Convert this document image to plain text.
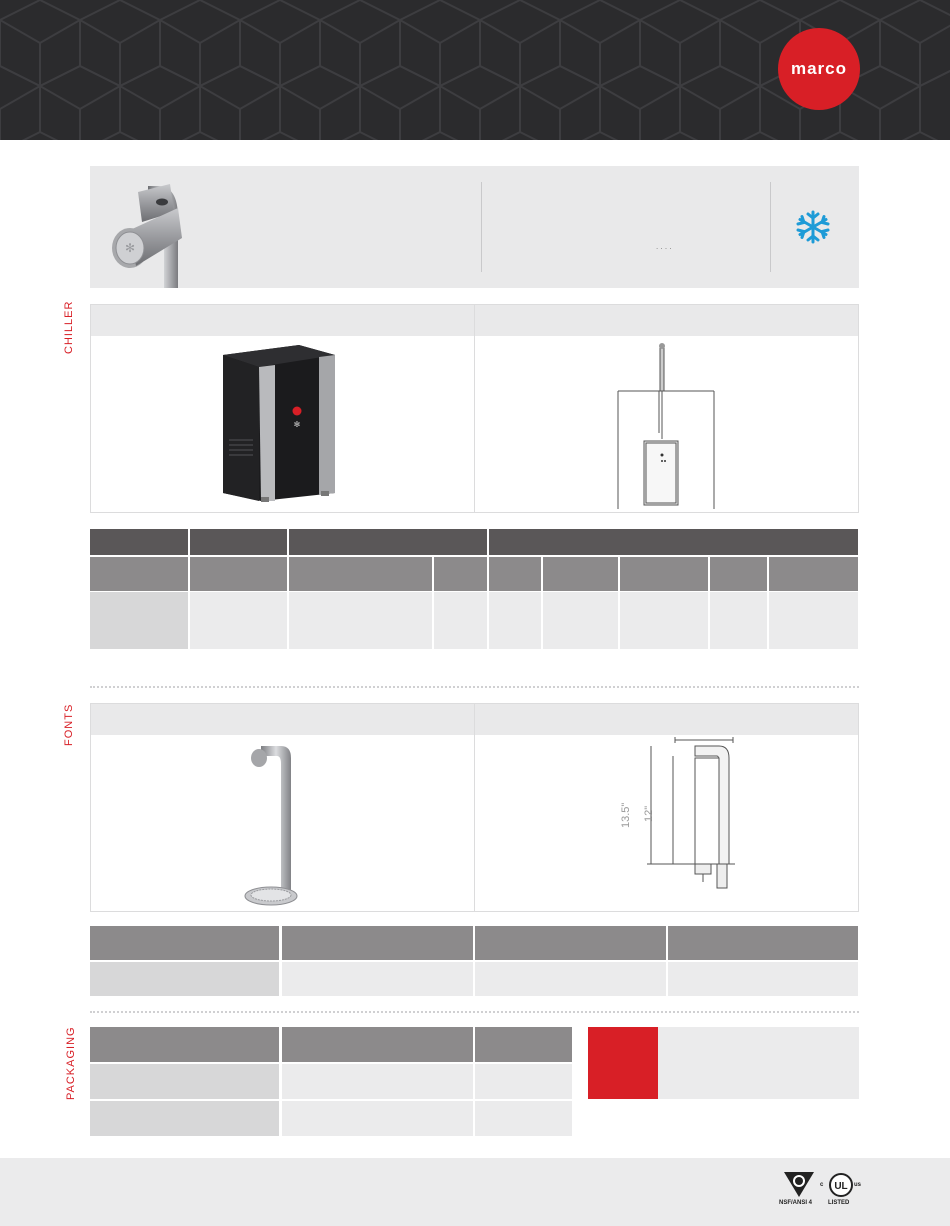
marco
✻	. . . .
CHILLER
✻
FONTS
13.5" 12"
PACKAGING
NSF/ANSI 4
UL
c	us
LISTED
